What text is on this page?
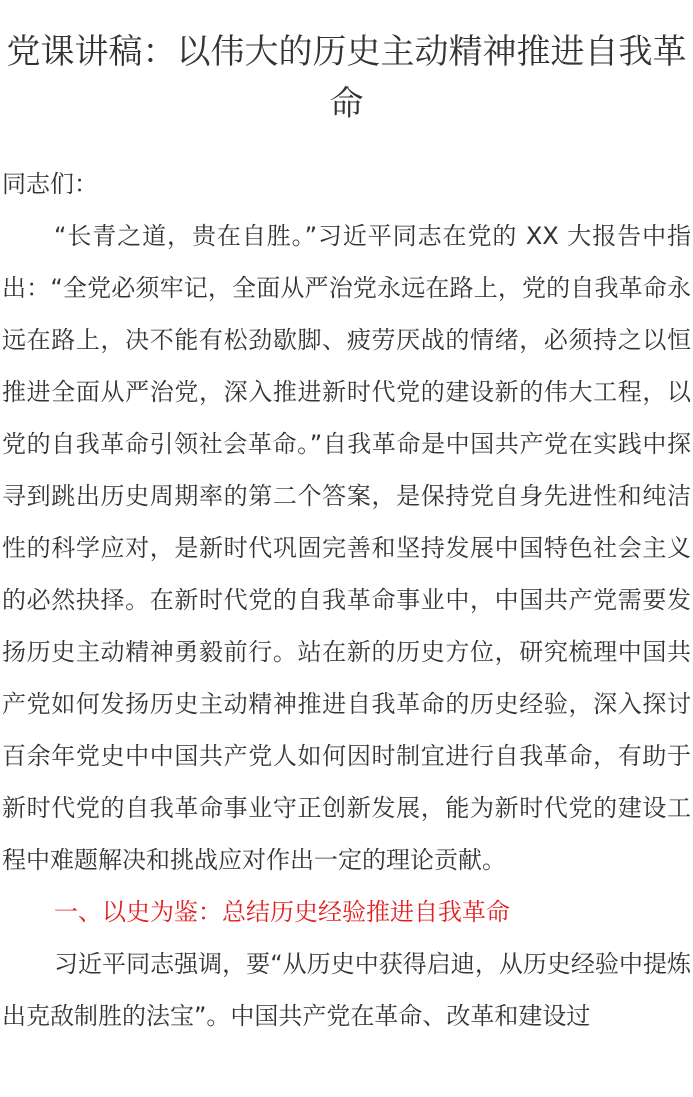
党课讲稿：以伟大的历史主动精神推进自我革命

同志们：

“长青之道，贵在自胜。”习近平同志在党的 XX 大报告中指出：“全党必须牢记，全面从严治党永远在路上，党的自我革命永远在路上，决不能有松劲歇脚、疲劳厌战的情绪，必须持之以恒推进全面从严治党，深入推进新时代党的建设新的伟大工程，以党的自我革命引领社会革命。”自我革命是中国共产党在实践中探寻到跳出历史周期率的第二个答案，是保持党自身先进性和纯洁性的科学应对，是新时代巩固完善和坚持发展中国特色社会主义的必然抉择。在新时代党的自我革命事业中，中国共产党需要发扬历史主动精神勇毅前行。站在新的历史方位，研究梳理中国共产党如何发扬历史主动精神推进自我革命的历史经验，深入探讨百余年党史中中国共产党人如何因时制宜进行自我革命，有助于新时代党的自我革命事业守正创新发展，能为新时代党的建设工程中难题解决和挑战应对作出一定的理论贡献。

一、以史为鉴：总结历史经验推进自我革命

习近平同志强调，要“从历史中获得启迪，从历史经验中提炼出克敌制胜的法宝”。中国共产党在革命、改革和建设过
